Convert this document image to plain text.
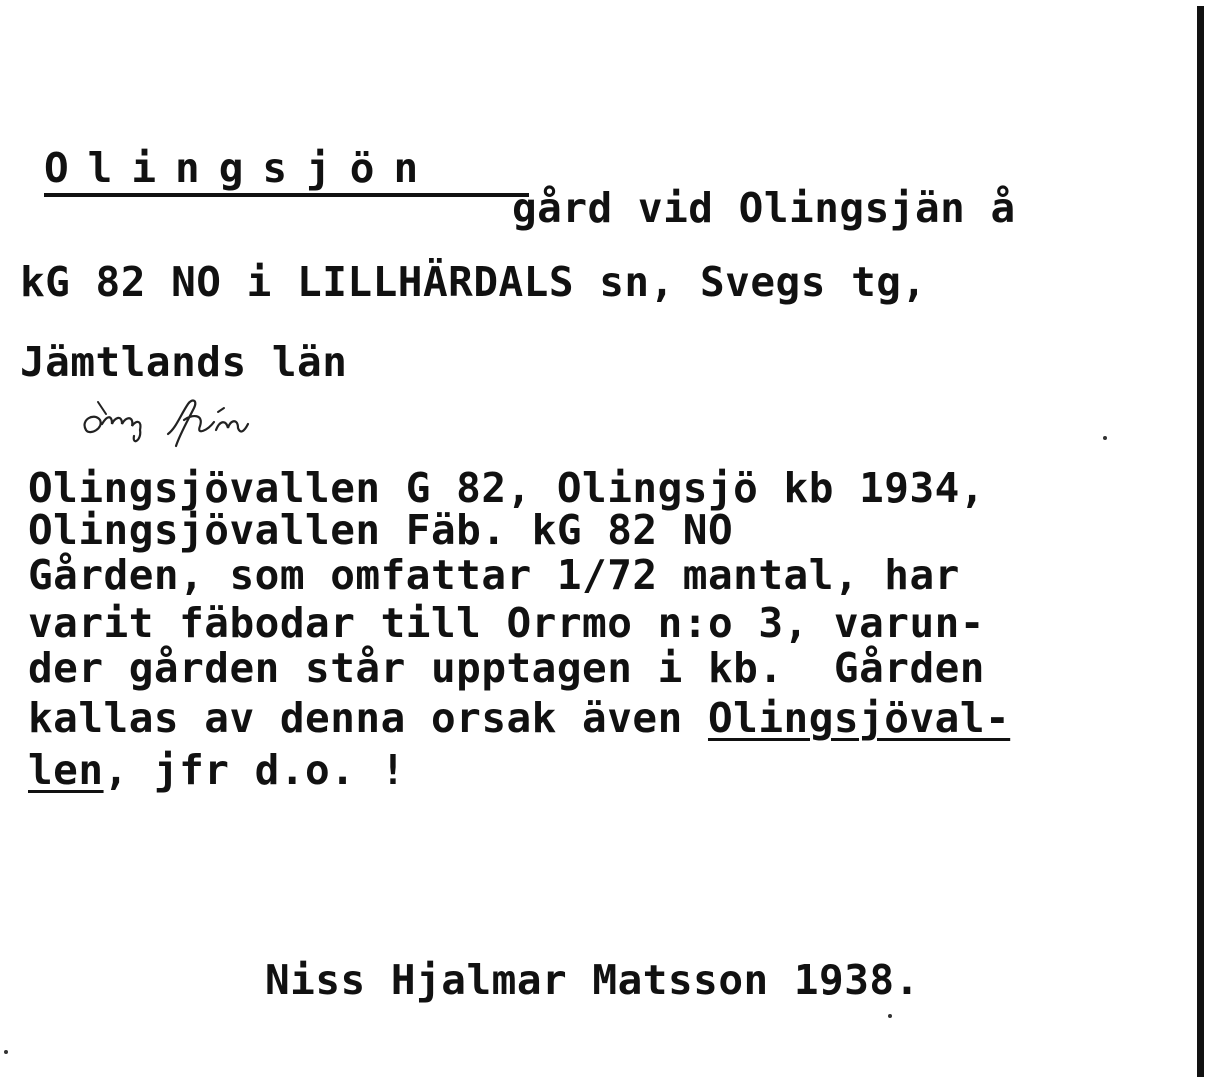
Olingsjön
gård vid Olingsjän å
kG 82 NO i LILLHÄRDALS sn, Svegs tg,
Jämtlands län
Olingsjövallen G 82, Olingsjö kb 1934,
Olingsjövallen Fäb. kG 82 NO
Gården, som omfattar 1/72 mantal, har
varit fäbodar till Orrmo n:o 3, varun-
der gården står upptagen i kb.  Gården
kallas av denna orsak även Olingsjöval-
len, jfr d.o. !
Niss Hjalmar Matsson 1938.
